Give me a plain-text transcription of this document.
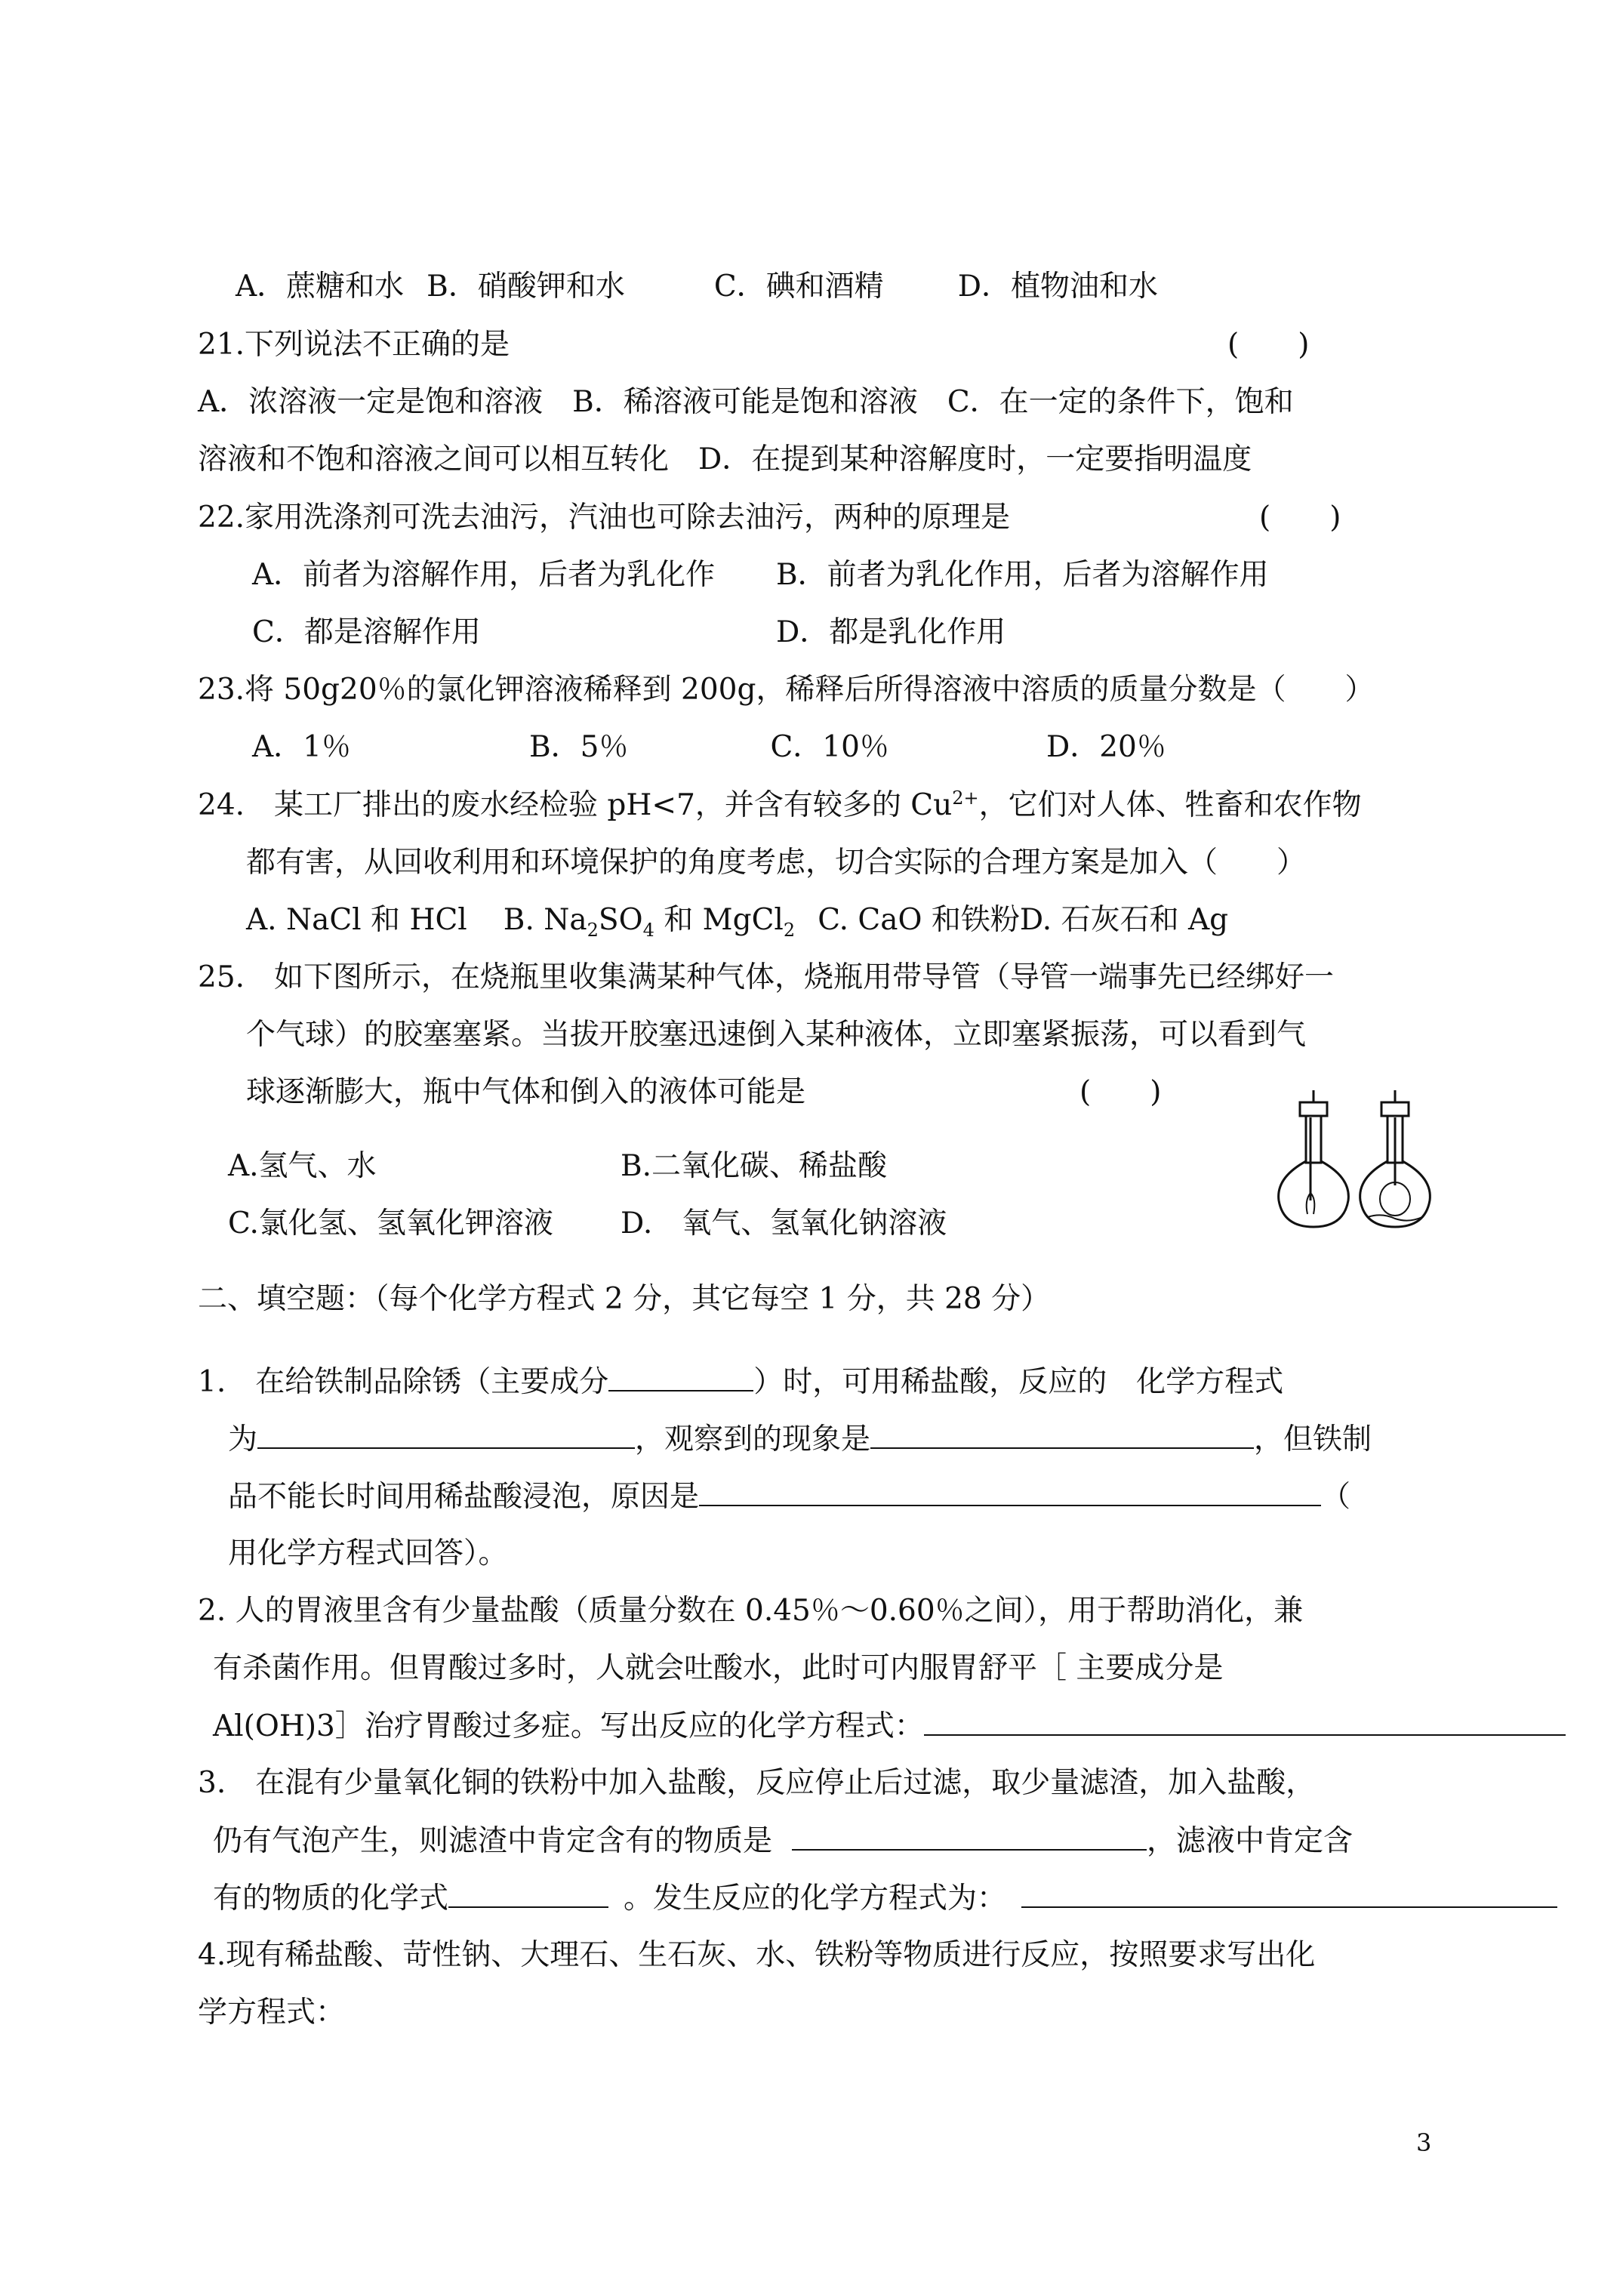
A．蔗糖和水 B．硝酸钾和水	C．碘和酒精	D．植物油和水
21.下列说法不正确的是	(　　)
A．浓溶液一定是饱和溶液　B．稀溶液可能是饱和溶液　C．在一定的条件下，饱和
溶液和不饱和溶液之间可以相互转化　D．在提到某种溶解度时，一定要指明温度
22.家用洗涤剂可洗去油污，汽油也可除去油污，两种的原理是	(　　)
A．前者为溶解作用，后者为乳化作 B．前者为乳化作用，后者为溶解作用
C．都是溶解作用	D．都是乳化作用
23.将 50g20％的氯化钾溶液稀释到 200g，稀释后所得溶液中溶质的质量分数是（　　）
A．1％	B．5％	C．10％	D．20％
24.　某工厂排出的废水经检验 pH<7，并含有较多的 $Cu^{2+}$，它们对人体、牲畜和农作物
都有害，从回收利用和环境保护的角度考虑，切合实际的合理方案是加入（　　）
A. NaCl 和 HCl B. $Na_2SO_4$ 和 MgCl$_2$ C. CaO 和铁粉D. 石灰石和 Ag
25.　如下图所示，在烧瓶里收集满某种气体，烧瓶用带导管（导管一端事先已经绑好一
个气球）的胶塞塞紧。当拔开胶塞迅速倒入某种液体，立即塞紧振荡，可以看到气
球逐渐膨大，瓶中气体和倒入的液体可能是	(　　)
A.氢气、水	B.二氧化碳、稀盐酸
C.氯化氢、氢氧化钾溶液 D.　氧气、氢氧化钠溶液
二、填空题：（每个化学方程式 2 分，其它每空 1 分，共 28 分）
1.　在给铁制品除锈（主要成分	）时，可用稀盐酸，反应的　化学方程式
为	，观察到的现象是	，但铁制
品不能长时间用稀盐酸浸泡，原因是	（
用化学方程式回答）。
2. 人的胃液里含有少量盐酸（质量分数在 0.45％～0.60％之间），用于帮助消化，兼
有杀菌作用。但胃酸过多时，人就会吐酸水，此时可内服胃舒平［ 主要成分是
Al(OH)3］治疗胃酸过多症。写出反应的化学方程式：
3.　在混有少量氧化铜的铁粉中加入盐酸，反应停止后过滤，取少量滤渣，加入盐酸，
仍有气泡产生，则滤渣中肯定含有的物质是	，滤液中肯定含
有的物质的化学式	。发生反应的化学方程式为：
4.现有稀盐酸、苛性钠、大理石、生石灰、水、铁粉等物质进行反应，按照要求写出化
学方程式：
3
